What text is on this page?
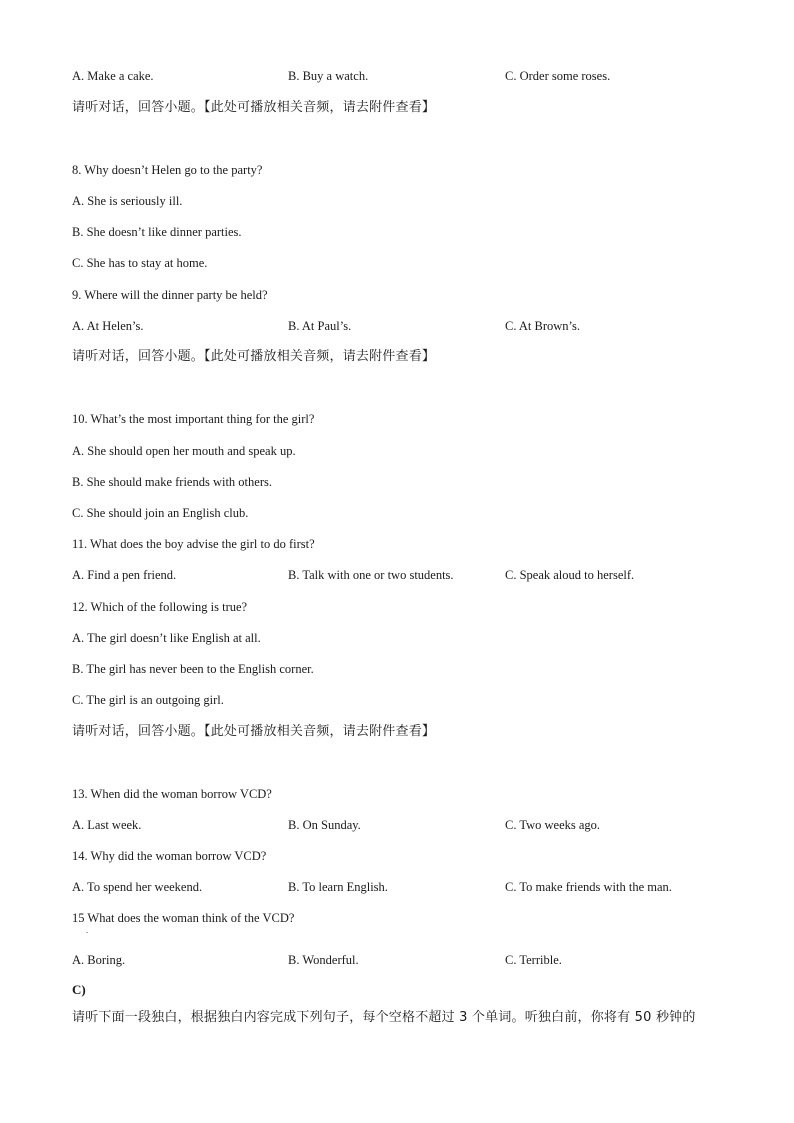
A. Make a cake.	B. Buy a watch.	C. Order some roses.
请听对话，回答小题。【此处可播放相关音频，请去附件查看】
8. Why doesn’t Helen go to the party?
A. She is seriously ill.
B. She doesn’t like dinner parties.
C. She has to stay at home.
9. Where will the dinner party be held?
A. At Helen’s.	B. At Paul’s.	C. At Brown’s.
请听对话，回答小题。【此处可播放相关音频，请去附件查看】
10. What’s the most important thing for the girl?
A. She should open her mouth and speak up.
B. She should make friends with others.
C. She should join an English club.
11. What does the boy advise the girl to do first?
A. Find a pen friend.	B. Talk with one or two students.	C. Speak aloud to herself.
12. Which of the following is true?
A. The girl doesn’t like English at all.
B. The girl has never been to the English corner.
C. The girl is an outgoing girl.
请听对话，回答小题。【此处可播放相关音频，请去附件查看】
13. When did the woman borrow VCD?
A. Last week.	B. On Sunday.	C. Two weeks ago.
14. Why did the woman borrow VCD?
A. To spend her weekend.	B. To learn English.	C. To make friends with the man.
15 What does the woman think of the VCD?
.
A. Boring.	B. Wonderful.	C. Terrible.
C)
请听下面一段独白，根据独白内容完成下列句子，每个空格不超过 3 个单词。听独白前，你将有 50 秒钟的
